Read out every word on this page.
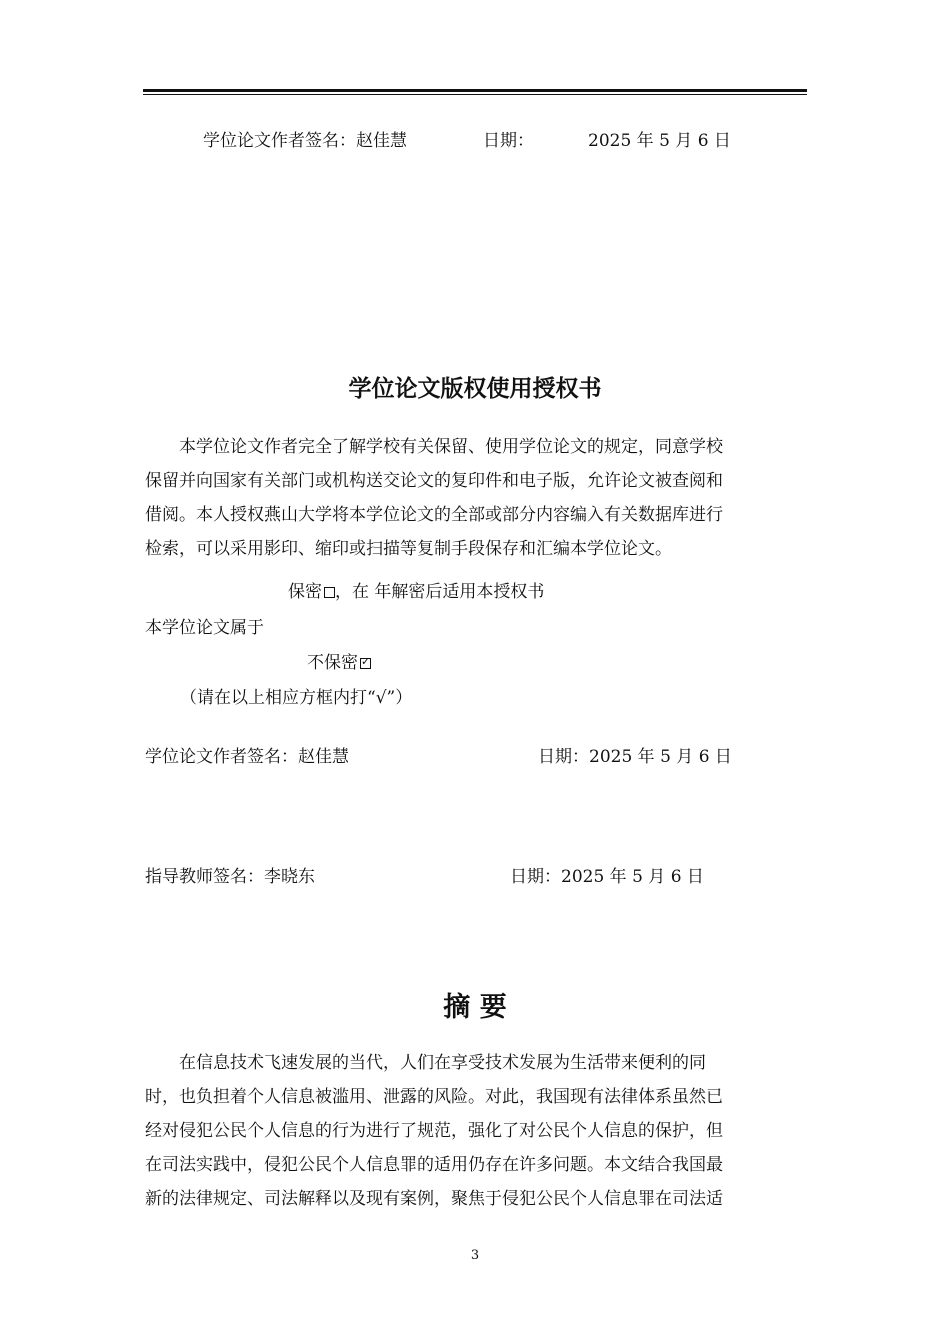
学位论文作者签名：赵佳慧	日期：	2025 年 5 月 6 日
学位论文版权使用授权书
本学位论文作者完全了解学校有关保留、使用学位论文的规定，同意学校
保留并向国家有关部门或机构送交论文的复印件和电子版，允许论文被查阅和
借阅。本人授权燕山大学将本学位论文的全部或部分内容编入有关数据库进行
检索，可以采用影印、缩印或扫描等复制手段保存和汇编本学位论文。
保密 ，在 年解密后适用本授权书
本学位论文属于
不保密✓
（请在以上相应方框内打“√”）
学位论文作者签名：赵佳慧	日期：2025 年 5 月 6 日
指导教师签名：李晓东	日期：2025 年 5 月 6 日
摘 要
在信息技术飞速发展的当代，人们在享受技术发展为生活带来便利的同
时，也负担着个人信息被滥用、泄露的风险。对此，我国现有法律体系虽然已
经对侵犯公民个人信息的行为进行了规范，强化了对公民个人信息的保护，但
在司法实践中，侵犯公民个人信息罪的适用仍存在许多问题。本文结合我国最
新的法律规定、司法解释以及现有案例，聚焦于侵犯公民个人信息罪在司法适
3
